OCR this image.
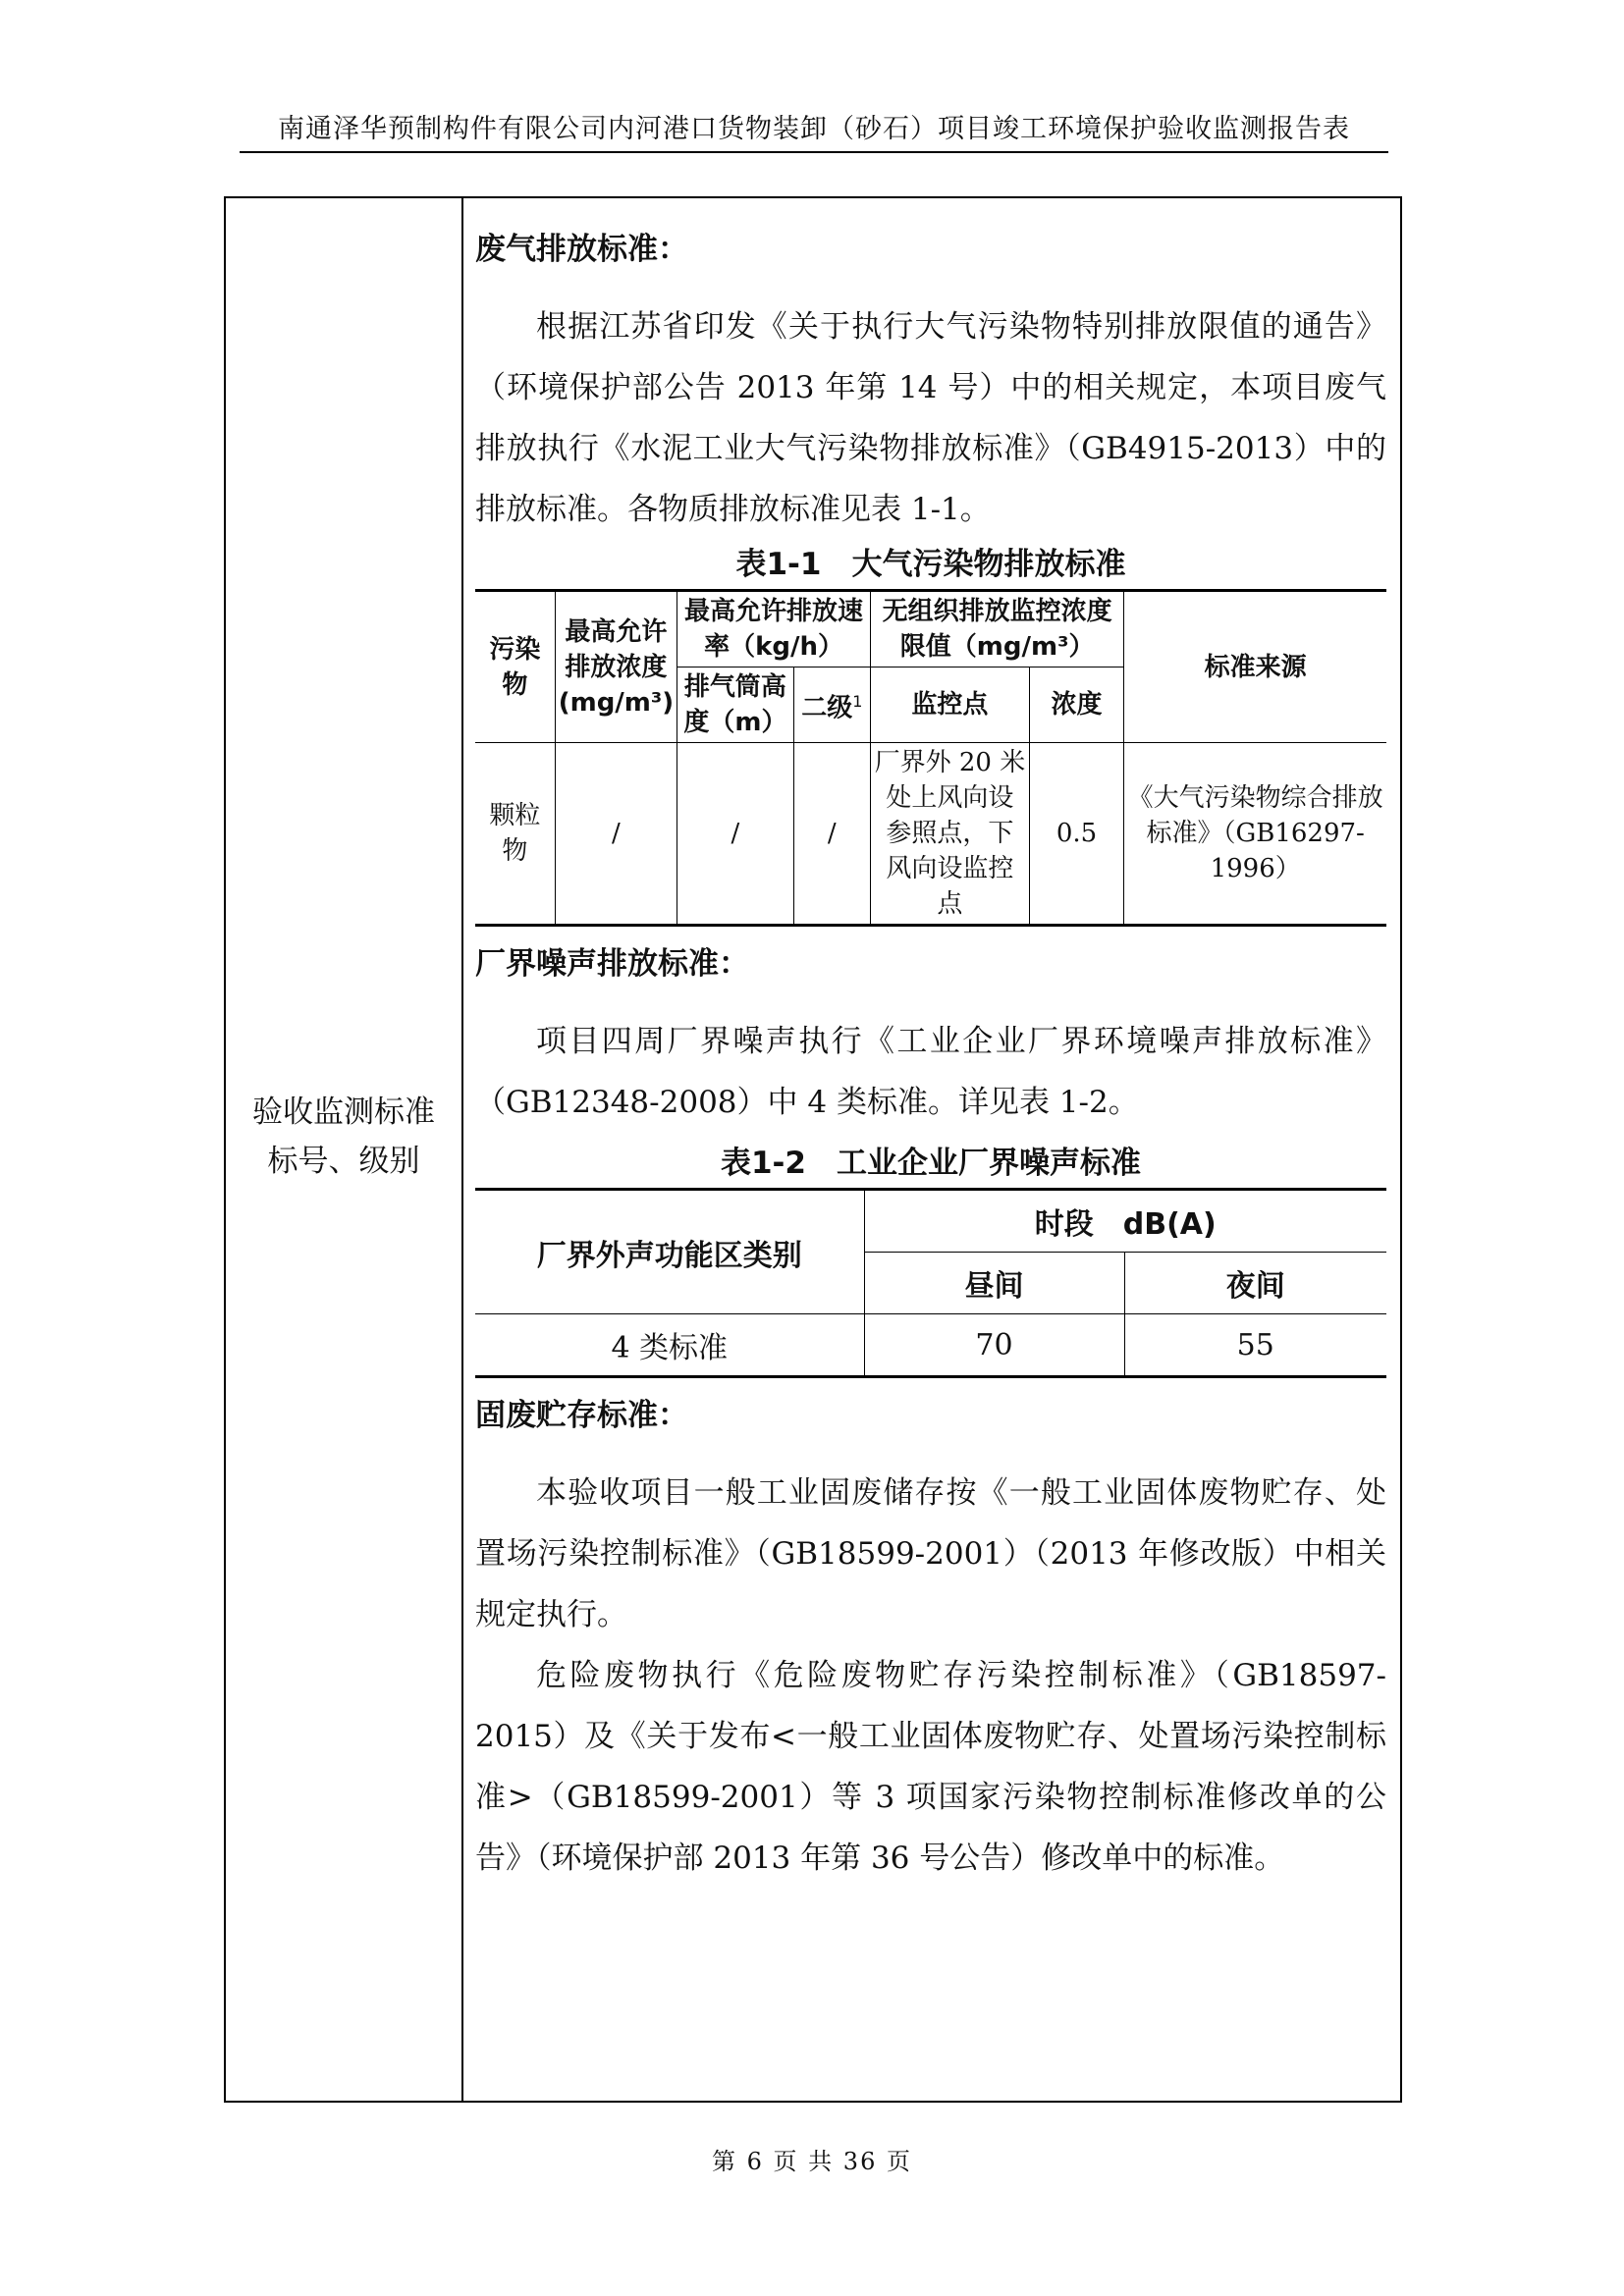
南通泽华预制构件有限公司内河港口货物装卸（砂石）项目竣工环境保护验收监测报告表
验收监测标准
标号、级别

废气排放标准：

根据江苏省印发《关于执行大气污染物特别排放限值的通告》（环境保护部公告 2013 年第 14 号）中的相关规定，本项目废气排放执行《水泥工业大气污染物排放标准》（GB4915-2013）中的排放标准。各物质排放标准见表 1-1。

表1-1　大气污染物排放标准

污染物	最高允许排放浓度(mg/m³)	最高允许排放速率（kg/h）		无组织排放监控浓度限值（mg/m³）		标准来源
		排气筒高度（m）	二级$^1$	监控点	浓度	
颗粒物	/	/	/	厂界外 20 米处上风向设参照点，下风向设监控点	0.5	《大气污染物综合排放标准》（GB16297-1996）

厂界噪声排放标准：

项目四周厂界噪声执行《工业企业厂界环境噪声排放标准》（GB12348-2008）中 4 类标准。详见表 1-2。

表1-2　工业企业厂界噪声标准

厂界外声功能区类别	时段　dB(A)	
	昼间	夜间
4 类标准	70	55

固废贮存标准：

本验收项目一般工业固废储存按《一般工业固体废物贮存、处置场污染控制标准》（GB18599-2001）（2013 年修改版）中相关规定执行。

危险废物执行《危险废物贮存污染控制标准》（GB18597-2015）及《关于发布<一般工业固体废物贮存、处置场污染控制标准>（GB18599-2001）等 3 项国家污染物控制标准修改单的公告》（环境保护部 2013 年第 36 号公告）修改单中的标准。

第 6 页 共 36 页
